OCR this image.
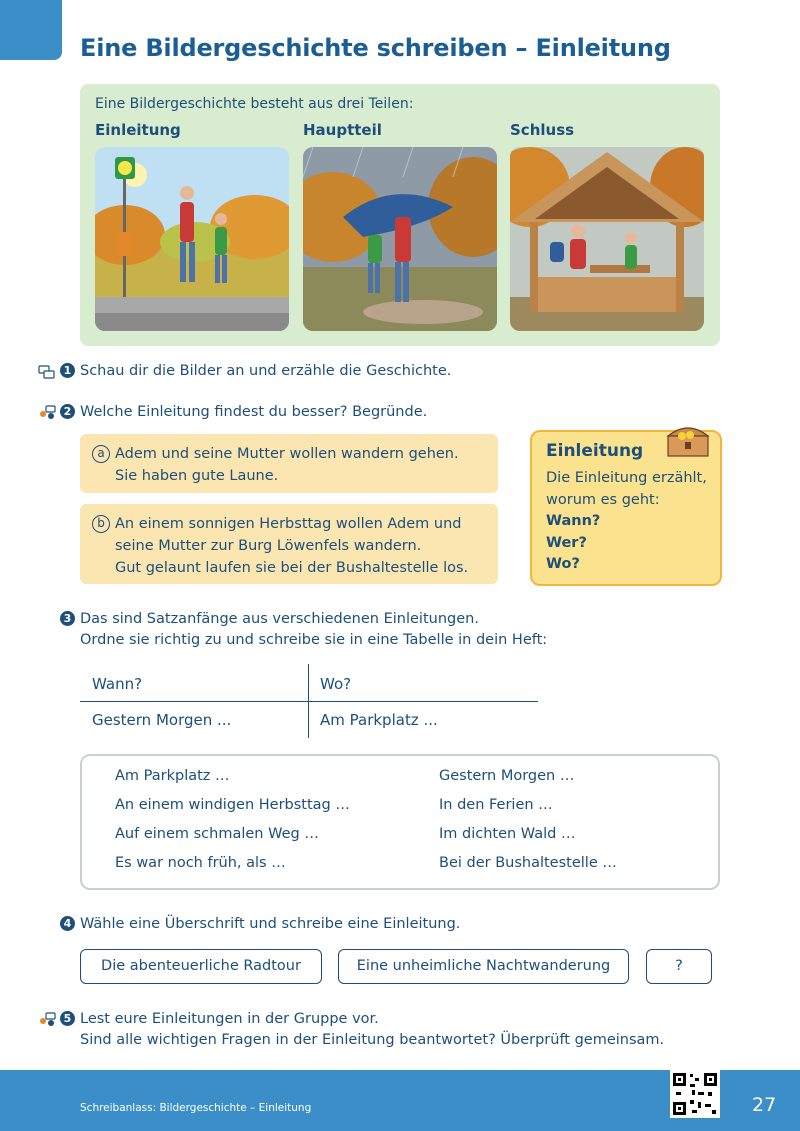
Eine Bildergeschichte schreiben – Einleitung
Eine Bildergeschichte besteht aus drei Teilen:
Einleitung	Hauptteil	Schluss
1 Schau dir die Bilder an und erzähle die Geschichte.
2 Welche Einleitung findest du besser? Begründe.
a Adem und seine Mutter wollen wandern gehen.
Sie haben gute Laune.
b An einem sonnigen Herbsttag wollen Adem und
seine Mutter zur Burg Löwenfels wandern.
Gut gelaunt laufen sie bei der Bushaltestelle los.
Einleitung
Die Einleitung erzählt,
worum es geht:
Wann?
Wer?
Wo?
3 Das sind Satzanfänge aus verschiedenen Einleitungen.
Ordne sie richtig zu und schreibe sie in eine Tabelle in dein Heft:
Wann?	Wo?
Gestern Morgen ...	Am Parkplatz ...
Am Parkplatz …
An einem windigen Herbsttag …
Auf einem schmalen Weg …
Es war noch früh, als …
Gestern Morgen …
In den Ferien …
Im dichten Wald …
Bei der Bushaltestelle …
4 Wähle eine Überschrift und schreibe eine Einleitung.
Die abenteuerliche Radtour	Eine unheimliche Nachtwanderung	?
5 Lest eure Einleitungen in der Gruppe vor.
Sind alle wichtigen Fragen in der Einleitung beantwortet? Überprüft gemeinsam.
Schreibanlass: Bildergeschichte – Einleitung	27
